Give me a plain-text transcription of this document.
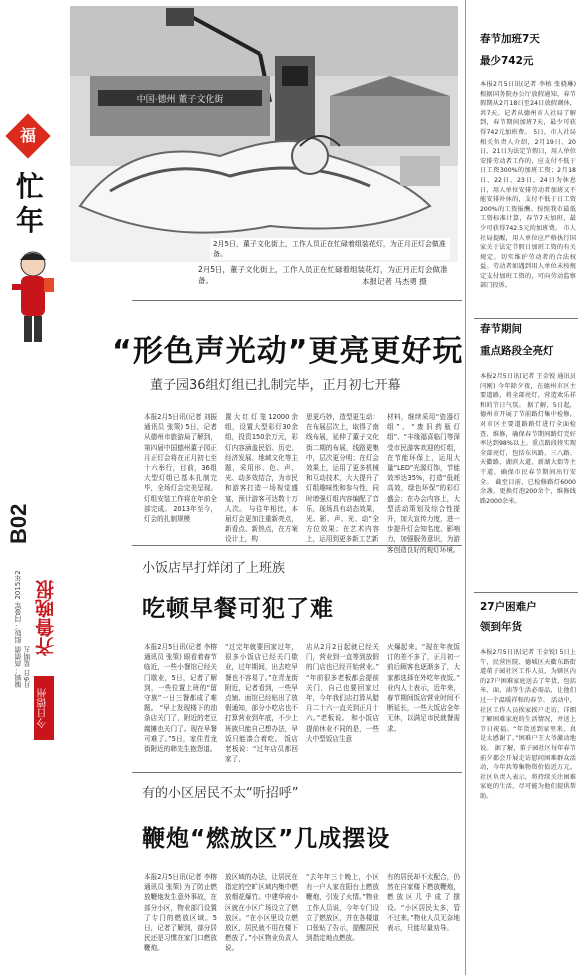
福
忙年
B02
编辑：高倩倩 组版：闫曼军 2015年2月6日 星期五
齐鲁晚报
今日德州
中国·德州 董子文化街
2月5日，董子文化街上，工作人员正在忙碌着组装花灯，为正月正灯会做准备。
2月5日，董子文化街上，工作人员正在忙碌着组装花灯，为正月正灯会做准备。	本报记者 马杰勇 摄
“形色声光动”更亮更好玩
董子园36组灯组已扎制完毕，正月初七开幕
本报2月5日讯(记者 刘振 通讯员 张策) 5日，记者从德州市旅游局了解到，第四届中国德州董子园正月正灯会将在正月初七至十六举行，目前，36组大型灯组已基本扎制完毕，全场灯会完美呈现。灯组安装工作将在年前全部完成。 2013年至今，灯会的扎制规模
置大红灯笼12000余组，设置大型彩灯30余组，投资150余万元，彩灯内容涵盖民俗、历史、经济发展、地域文化等主题，采用形、色、声、光、动多效结合，为市民和游客打造一场视觉盛宴，预计游客可达数十万人次。 与往年相比，本届灯会更加注重新亮点，新看点、新热点，在方案设计上，构
思更巧妙，造型更生动：在布展层次上，取得了南线布展，延伸了董子文化街二期的布展，线路更集中，层次更分明；在灯会效果上，运用了更多机械和互动技术，大大提升了灯组趣味性和参与性，同时增强灯组内容编配了音乐，现场具有动态效果，光、影、声、光、动”全方位效果；在艺术内容上，运用到更多新工艺新
材料，继续采用“瓷器灯组”、“废旧药瓶灯组”、“丰缘福喜临门等深受市民游客欢迎的灯组，在节能环保上，运用大量“LED”光源灯饰，节能效率达35%，打造“低耗高效，绿色环保”的彩灯盛会；在办会内容上，大型活动策划及综合性提升，加大宣传力度，进一步提升灯会知名度、影响力，加强服务意识，为游客创造良好的观灯环境。
小饭店早打烊闭了上班族
吃顿早餐可犯了难
本报2月5日讯(记者 李榕 通讯员 张策) 眼看着春节临近，一些小餐馆已经关门歇业，5日，记者了解到，一些位置上班的“留守族”一日三餐都成了难题。 “早上发现楼下的油条店关门了，附近的老豆腐摊也关门了。现在早餐可难了。”5日，家住青龙街附近的韩先生抱怨道。
“过完年就要回家过年，很多小饭店已经关门歇业，过年期间，出去吃早餐也不容易了。”在青龙街附近，记者看到，一些早点铺、面馆已经贴出了放假通知，部分小吃店也不打算营业到年底，不少上班族只能自己想办法，早饭只能凑合着吃。 饭店老板说：“过年店员都回家了，
店从2月2日起就已经关门，营业到一直等到放假的门店也已经开始营业。” “年前很多老板都会提前关门，自己也要回家过年，今年我们店打算从腊月二十六一直关到正月十六。”老板说。 和小饭店提前休业不同的是，一些大中型饭店生意
火爆起来。“现在年夜饭订的差不多了，正月初一前后顾客也逐渐多了，大家都选择在外吃年夜饭。” 业内人士表示，近年来，春节期间饭店营业时间不断延长，一些大饭店全年无休，以满足市民就餐需求。
有的小区居民不太“听招呼”
鞭炮“燃放区”几成摆设
本报2月5日讯(记者 李榕 通讯员 张策) 为了防止燃放鞭炮发生意外事故，在部分小区，物业部门设置了专门的燃放区域。5日，记者了解到，部分居民还是习惯在家门口燃放鞭炮。
放区域的办法，让居民在指定的空旷区域内集中燃放烟花爆竹。中建华府小区就在小区广场设立了燃放区。“在小区里设立燃放区，居民就不用在楼下燃放了。”小区物业负责人说。
“去年年三十晚上，小区有一户人家在阳台上燃放鞭炮，引发了火情。”物业工作人员说，今年专门设立了燃放区，并在各楼道口张贴了告示，提醒居民到指定地点燃放。
有的居民却不太配合，仍然在自家楼下燃放鞭炮，燃放区几乎成了摆设。“小区居民太多，管不过来。”物业人员无奈地表示，只能尽量劝导。
春节加班7天
最少742元
本报2月5日讯(记者 李榕 张骁琳) 根据国务院办公厅放假通知，春节假期从2月18日至24日放假调休，共7天。记者从德州市人社局了解到，春节期间加班7天，最少可获得742元加班费。 5日，市人社局相关负责人介绍，2月19日、20日、21日为法定节假日，用人单位安排劳动者工作的，应支付不低于日工资300%的加班工资；2月18日、22日、23日、24日为休息日，用人单位安排劳动者加班又不能安排补休的，支付不低于日工资200%的工资报酬。按照我市最低工资标准计算，春节7天加班，最少可获得742.5元的加班费。 市人社局提醒，用人单位应严格执行国家关于法定节假日加班工资的有关规定，切实维护劳动者的合法权益。劳动者如遇到用人单位未按规定支付加班工资的，可向劳动监察部门投诉。
春节期间
重点路段全亮灯
本报2月5日讯(记者 王金锐 通讯员 闫刚) 今年除夕夜，在德州市区主要道路，将全部亮灯，营造欢乐祥和的节日气氛。 据了解，5日起，德州市开展了节前路灯集中检修，对市区主要道路路灯进行全面检查、维修，确保春节期间路灯完好率达到98%以上。重点路段将实现全部亮灯，包括东风路、三八路、天衢路、湖滨大道、新湖大街等主干道，确保市民春节期间出行安全。 截至目前，已检修路灯6000余盏，更换灯泡200余个，维修线路2000余米。
27户困难户
领到年货
本报2月5日讯(记者 王金锐) 5日上午，民营医院、德城区天衢东路街道董子园社区工作人员，为辖区内的27户困难家庭送去了年货，包括米、面、油等生活必需品，让他们过一个温暖祥和的春节。 活动中，社区工作人员挨家挨户走访，详细了解困难家庭的生活情况，并送上节日祝福。“年货送到家里来，真是太感谢了。”困难户王大爷激动地说。 据了解，董子园社区每年春节前夕都会开展走访慰问困难群众活动，今年共筹集物资价值近万元。社区负责人表示，将持续关注困难家庭的生活，尽可能为他们提供帮助。
